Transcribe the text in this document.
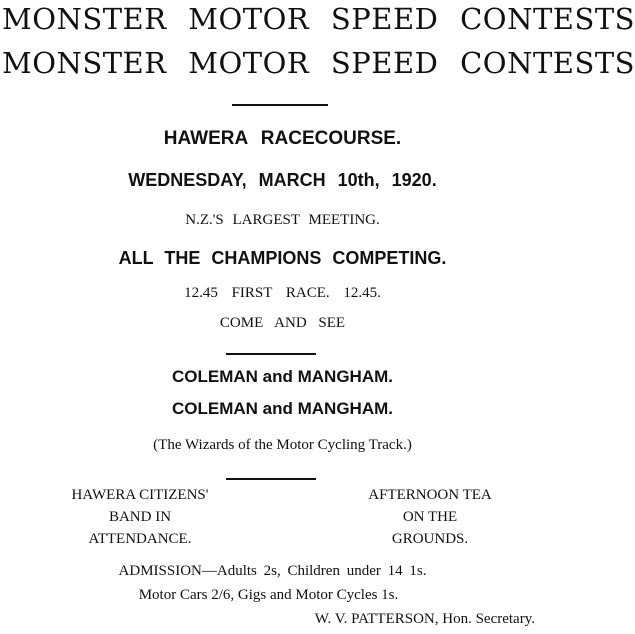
MONSTER MOTOR SPEED CONTESTS
MONSTER MOTOR SPEED CONTESTS
HAWERA RACECOURSE.
WEDNESDAY, MARCH 10th, 1920.
N.Z.'S LARGEST MEETING.
ALL THE CHAMPIONS COMPETING.
12.45 FIRST RACE. 12.45.
COME AND SEE
COLEMAN and MANGHAM.
COLEMAN and MANGHAM.
(The Wizards of the Motor Cycling Track.)
HAWERA CITIZENS'
BAND IN
ATTENDANCE.
AFTERNOON TEA
ON THE
GROUNDS.
ADMISSION—Adults 2s, Children under 14 1s.
Motor Cars 2/6, Gigs and Motor Cycles 1s.
W. V. PATTERSON, Hon. Secretary.
